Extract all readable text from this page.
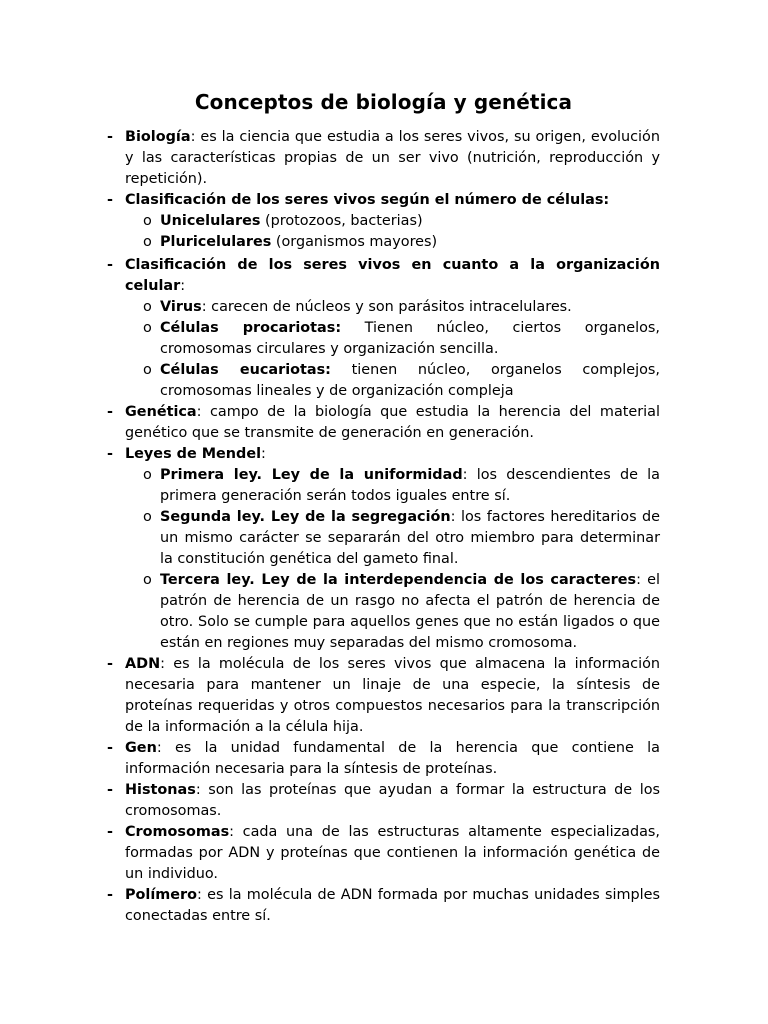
Conceptos de biología y genética
- Biología: es la ciencia que estudia a los seres vivos, su origen, evolución y las características propias de un ser vivo (nutrición, reproducción y repetición).
- Clasificación de los seres vivos según el número de células:
o Unicelulares (protozoos, bacterias)
o Pluricelulares (organismos mayores)
- Clasificación de los seres vivos en cuanto a la organización celular:
o Virus: carecen de núcleos y son parásitos intracelulares.
o Células procariotas: Tienen núcleo, ciertos organelos, cromosomas circulares y organización sencilla.
o Células eucariotas: tienen núcleo, organelos complejos, cromosomas lineales y de organización compleja
- Genética: campo de la biología que estudia la herencia del material genético que se transmite de generación en generación.
- Leyes de Mendel:
o Primera ley. Ley de la uniformidad: los descendientes de la primera generación serán todos iguales entre sí.
o Segunda ley. Ley de la segregación: los factores hereditarios de un mismo carácter se separarán del otro miembro para determinar la constitución genética del gameto final.
o Tercera ley. Ley de la interdependencia de los caracteres: el patrón de herencia de un rasgo no afecta el patrón de herencia de otro. Solo se cumple para aquellos genes que no están ligados o que están en regiones muy separadas del mismo cromosoma.
- ADN: es la molécula de los seres vivos que almacena la información necesaria para mantener un linaje de una especie, la síntesis de proteínas requeridas y otros compuestos necesarios para la transcripción de la información a la célula hija.
- Gen: es la unidad fundamental de la herencia que contiene la información necesaria para la síntesis de proteínas.
- Histonas: son las proteínas que ayudan a formar la estructura de los cromosomas.
- Cromosomas: cada una de las estructuras altamente especializadas, formadas por ADN y proteínas que contienen la información genética de un individuo.
- Polímero: es la molécula de ADN formada por muchas unidades simples conectadas entre sí.
